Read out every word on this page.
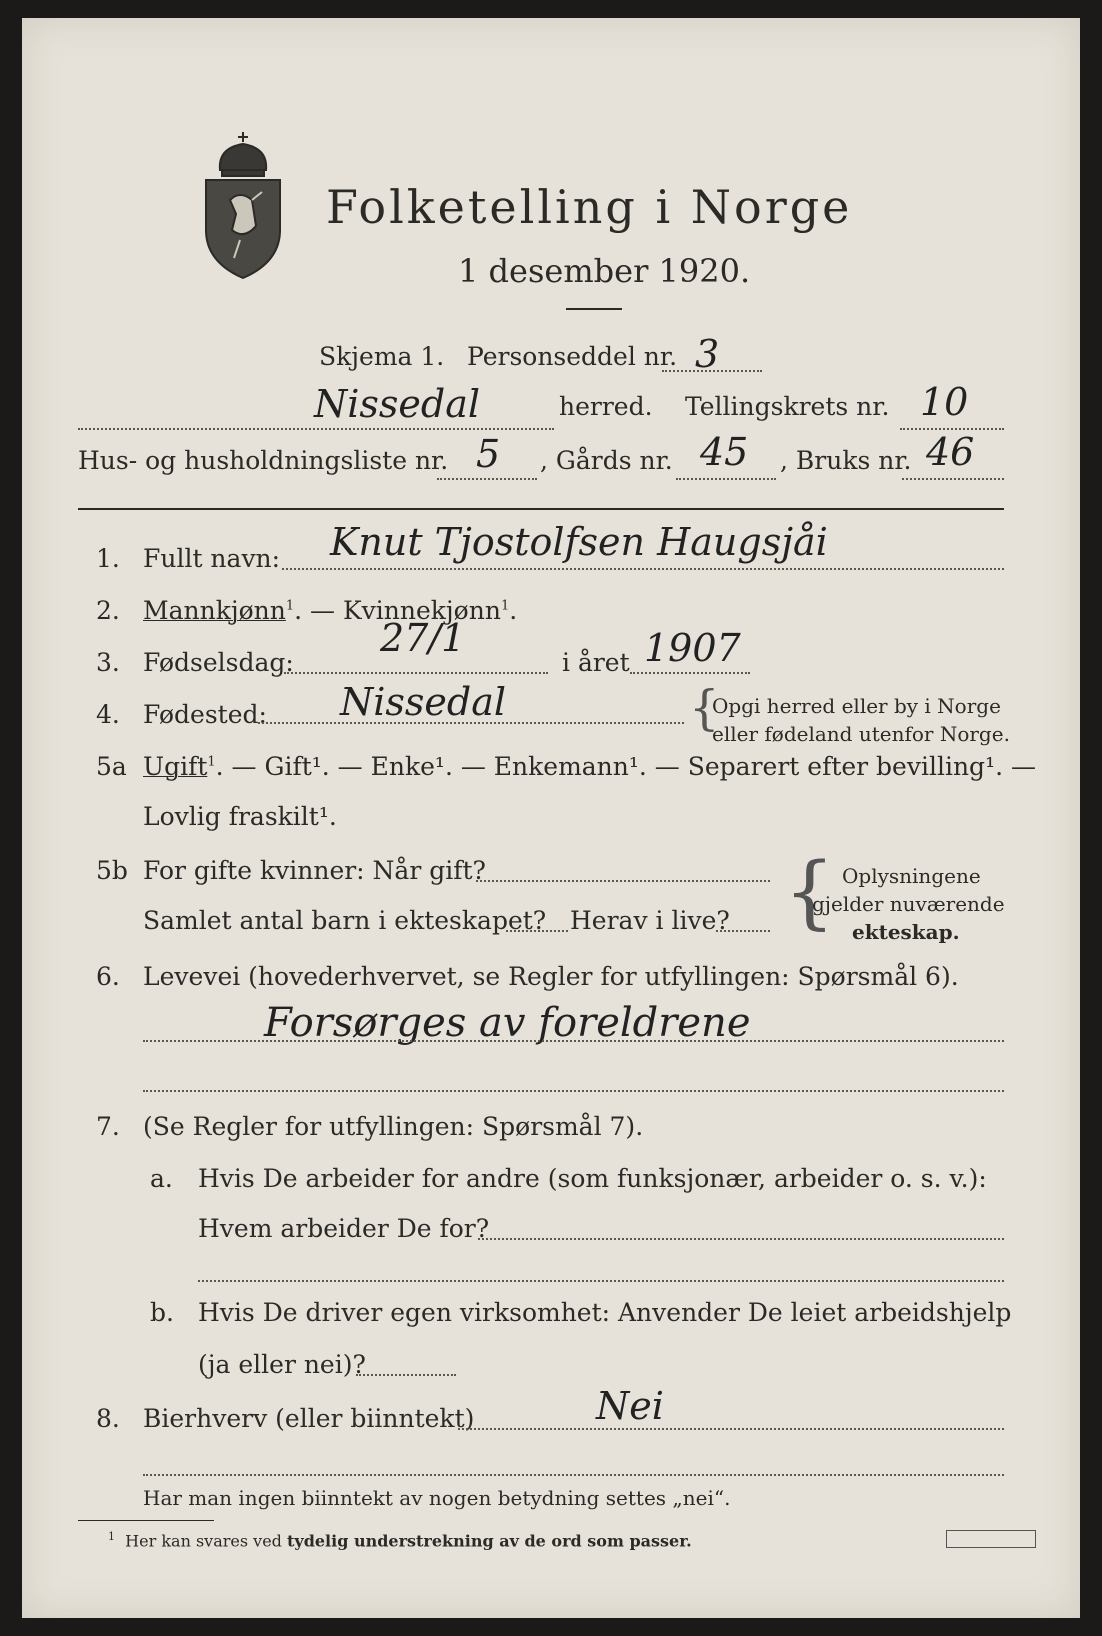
Folketelling i Norge
1 desember 1920.
Skjema 1. Personseddel nr. 3
Nissedal	herred. Tellingskrets nr. 10
Hus- og husholdningsliste nr. 5 , Gårds nr. 45 , Bruks nr. 46
1. Fullt navn: Knut Tjostolfsen Haugsjåi
2. Mannkjønn$^1$. — Kvinnekjønn$^1$.
3. Fødselsdag:
27/1
i året 1907
4. Fødested: Nissedal	{
Opgi herred eller by i Norge
eller fødeland utenfor Norge.
5a Ugift$^1$. — Gift¹. — Enke¹. — Enkemann¹. — Separert efter bevilling¹. —
Lovlig fraskilt¹.
5b For gifte kvinner: Når gift?
Samlet antal barn i ekteskapet? Herav i live? { Oplysningene
gjelder nuværende
ekteskap.
6. Levevei (hovederhvervet, se Regler for utfyllingen: Spørsmål 6).
Forsørges av foreldrene
7. (Se Regler for utfyllingen: Spørsmål 7).
a. Hvis De arbeider for andre (som funksjonær, arbeider o. s. v.):
Hvem arbeider De for?
b. Hvis De driver egen virksomhet: Anvender De leiet arbeidshjelp
(ja eller nei)?
8. Bierhverv (eller biinntekt)	Nei
Har man ingen biinntekt av nogen betydning settes „nei“.
$^1$ Her kan svares ved tydelig understrekning av de ord som passer.
